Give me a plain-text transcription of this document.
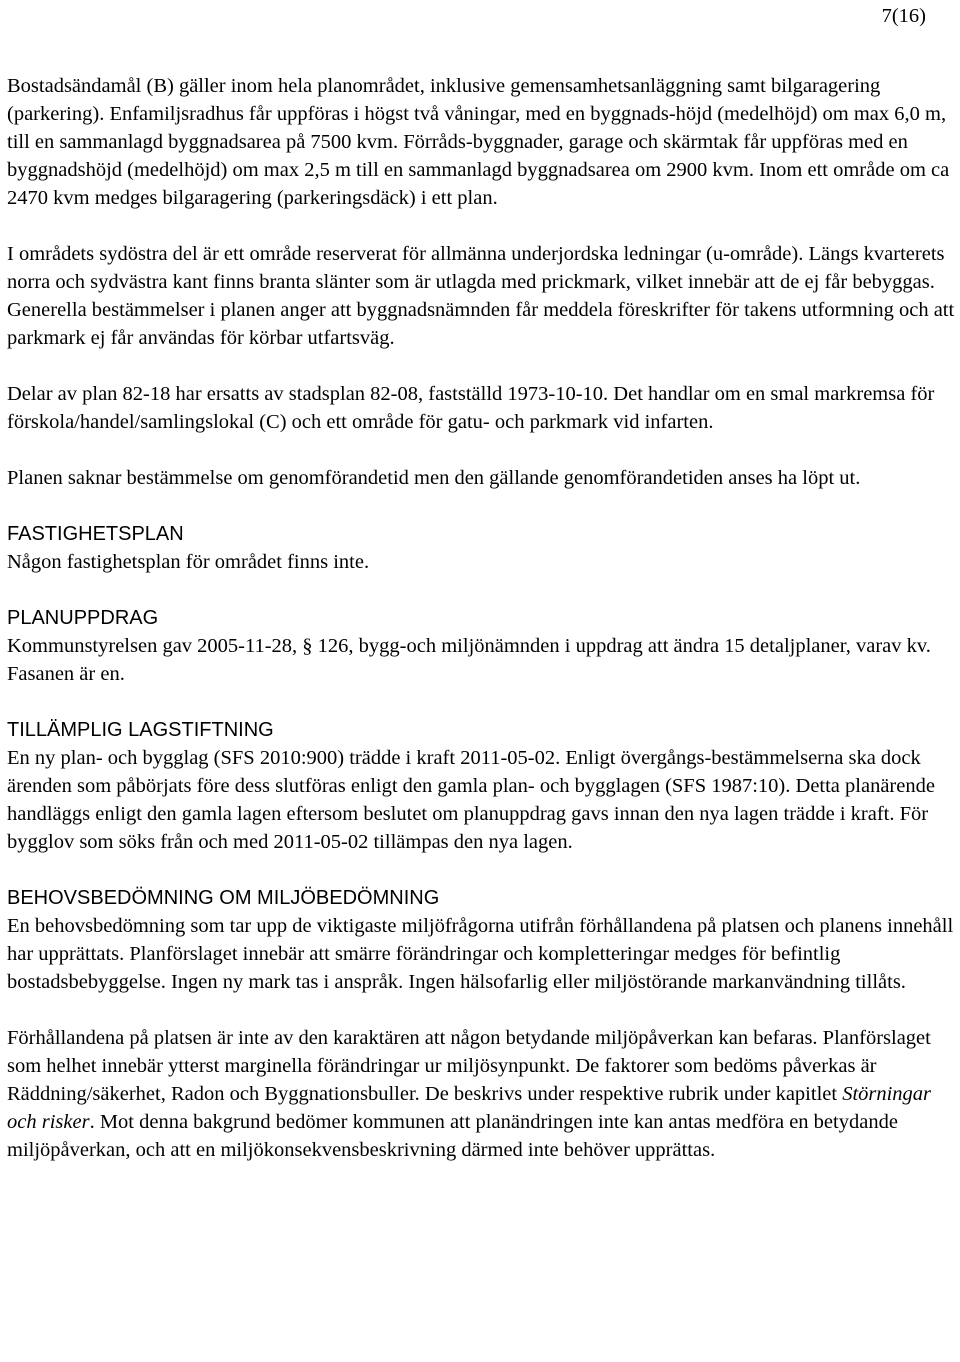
7(16)

Bostadsändamål (B) gäller inom hela planområdet, inklusive gemensamhetsanläggning samt bilgaragering (parkering). Enfamiljsradhus får uppföras i högst två våningar, med en byggnads-höjd (medelhöjd) om max 6,0 m, till en sammanlagd byggnadsarea på 7500 kvm. Förråds-byggnader, garage och skärmtak får uppföras med en byggnadshöjd (medelhöjd) om max 2,5 m till en sammanlagd byggnadsarea om 2900 kvm. Inom ett område om ca 2470 kvm medges bilgaragering (parkeringsdäck) i ett plan.

I områdets sydöstra del är ett område reserverat för allmänna underjordska ledningar (u-område). Längs kvarterets norra och sydvästra kant finns branta slänter som är utlagda med prickmark, vilket innebär att de ej får bebyggas. Generella bestämmelser i planen anger att byggnadsnämnden får meddela föreskrifter för takens utformning och att parkmark ej får användas för körbar utfartsväg.

Delar av plan 82-18 har ersatts av stadsplan 82-08, fastställd 1973-10-10. Det handlar om en smal markremsa för förskola/handel/samlingslokal (C) och ett område för gatu- och parkmark vid infarten.

Planen saknar bestämmelse om genomförandetid men den gällande genomförandetiden anses ha löpt ut.

FASTIGHETSPLAN

Någon fastighetsplan för området finns inte.

PLANUPPDRAG

Kommunstyrelsen gav 2005-11-28, § 126, bygg-och miljönämnden i uppdrag att ändra 15 detaljplaner, varav kv. Fasanen är en.

TILLÄMPLIG LAGSTIFTNING

En ny plan- och bygglag (SFS 2010:900) trädde i kraft 2011-05-02. Enligt övergångs-bestämmelserna ska dock ärenden som påbörjats före dess slutföras enligt den gamla plan- och bygglagen (SFS 1987:10). Detta planärende handläggs enligt den gamla lagen eftersom beslutet om planuppdrag gavs innan den nya lagen trädde i kraft. För bygglov som söks från och med 2011-05-02 tillämpas den nya lagen.

BEHOVSBEDÖMNING OM MILJÖBEDÖMNING

En behovsbedömning som tar upp de viktigaste miljöfrågorna utifrån förhållandena på platsen och planens innehåll har upprättats. Planförslaget innebär att smärre förändringar och kompletteringar medges för befintlig bostadsbebyggelse. Ingen ny mark tas i anspråk. Ingen hälsofarlig eller miljöstörande markanvändning tillåts.

Förhållandena på platsen är inte av den karaktären att någon betydande miljöpåverkan kan befaras. Planförslaget som helhet innebär ytterst marginella förändringar ur miljösynpunkt. De faktorer som bedöms påverkas är Räddning/säkerhet, Radon och Byggnationsbuller. De beskrivs under respektive rubrik under kapitlet Störningar och risker. Mot denna bakgrund bedömer kommunen att planändringen inte kan antas medföra en betydande miljöpåverkan, och att en miljökonsekvensbeskrivning därmed inte behöver upprättas.
